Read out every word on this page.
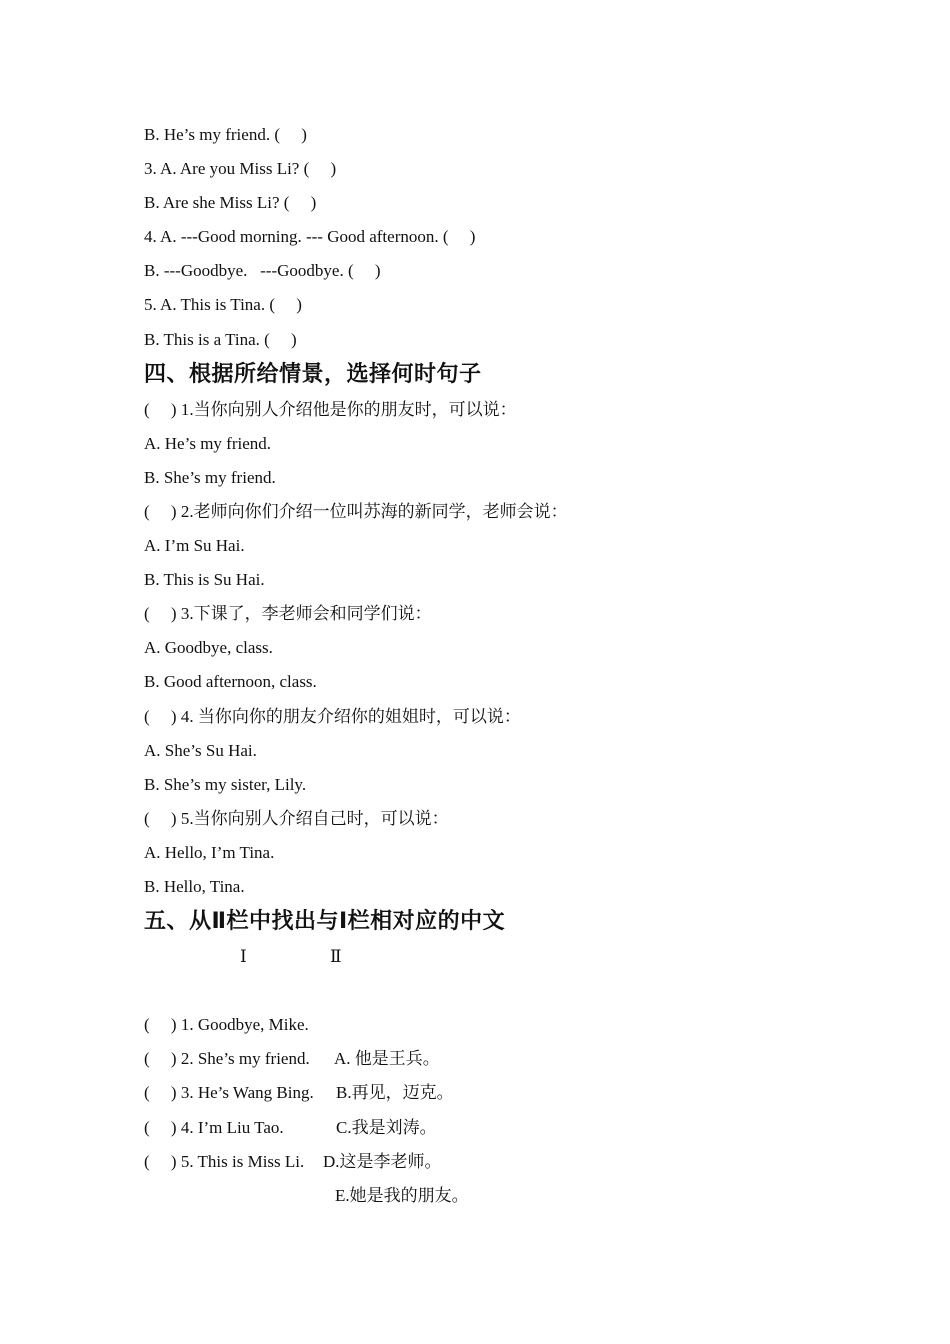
B. He’s my friend. (     )
3. A. Are you Miss Li? (     )
B. Are she Miss Li? (     )
4. A. ---Good morning. --- Good afternoon. (     )
B. ---Goodbye.   ---Goodbye. (     )
5. A. This is Tina. (     )
B. This is a Tina. (     )
四、根据所给情景，选择何时句子
(     ) 1.当你向别人介绍他是你的朋友时，可以说：
A. He’s my friend.
B. She’s my friend.
(     ) 2.老师向你们介绍一位叫苏海的新同学，老师会说：
A. I’m Su Hai.
B. This is Su Hai.
(     ) 3.下课了，李老师会和同学们说：
A. Goodbye, class.
B. Good afternoon, class.
(     ) 4. 当你向你的朋友介绍你的姐姐时，可以说：
A. She’s Su Hai.
B. She’s my sister, Lily.
(     ) 5.当你向别人介绍自己时，可以说：
A. Hello, I’m Tina.
B. Hello, Tina.
五、从Ⅱ栏中找出与Ⅰ栏相对应的中文
Ⅰ	Ⅱ

(     ) 1. Goodbye, Mike.

A. 他是王兵。

(     ) 2. She’s my friend.

B.再见，迈克。

(     ) 3. He’s Wang Bing.

C.我是刘涛。

(     ) 4. I’m Liu Tao.

D.这是李老师。

(     ) 5. This is Miss Li.

E.她是我的朋友。
